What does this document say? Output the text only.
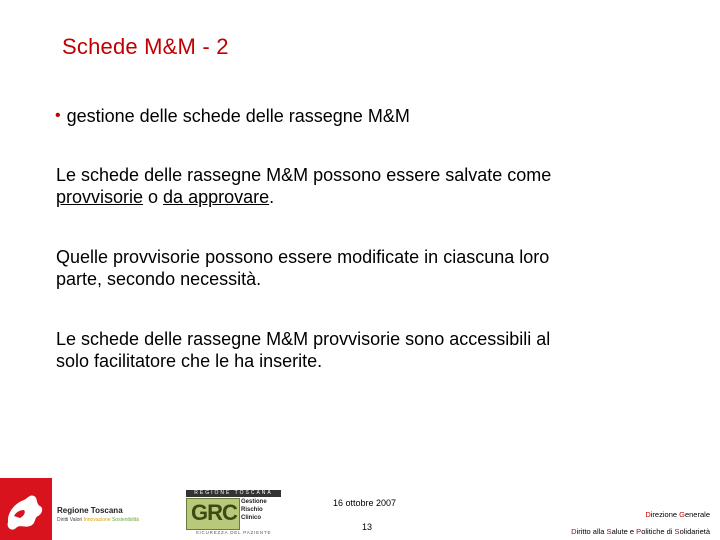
Schede M&M - 2
• gestione delle schede delle rassegne M&M
Le schede delle rassegne M&M possono essere salvate come
provvisorie o da approvare.
Quelle provvisorie possono essere modificate in ciascuna loro
parte, secondo necessità.
Le schede delle rassegne M&M provvisorie sono accessibili al
solo facilitatore che le ha inserite.
Regione Toscana
Diritti Valori Innovazione Sostenibilità
REGIONE TOSCANA
GRC Gestione
Rischio
Clinico
SICUREZZA DEL PAZIENTE
16 ottobre 2007
13
Direzione Generale
Diritto alla Salute e Politiche di Solidarietà
